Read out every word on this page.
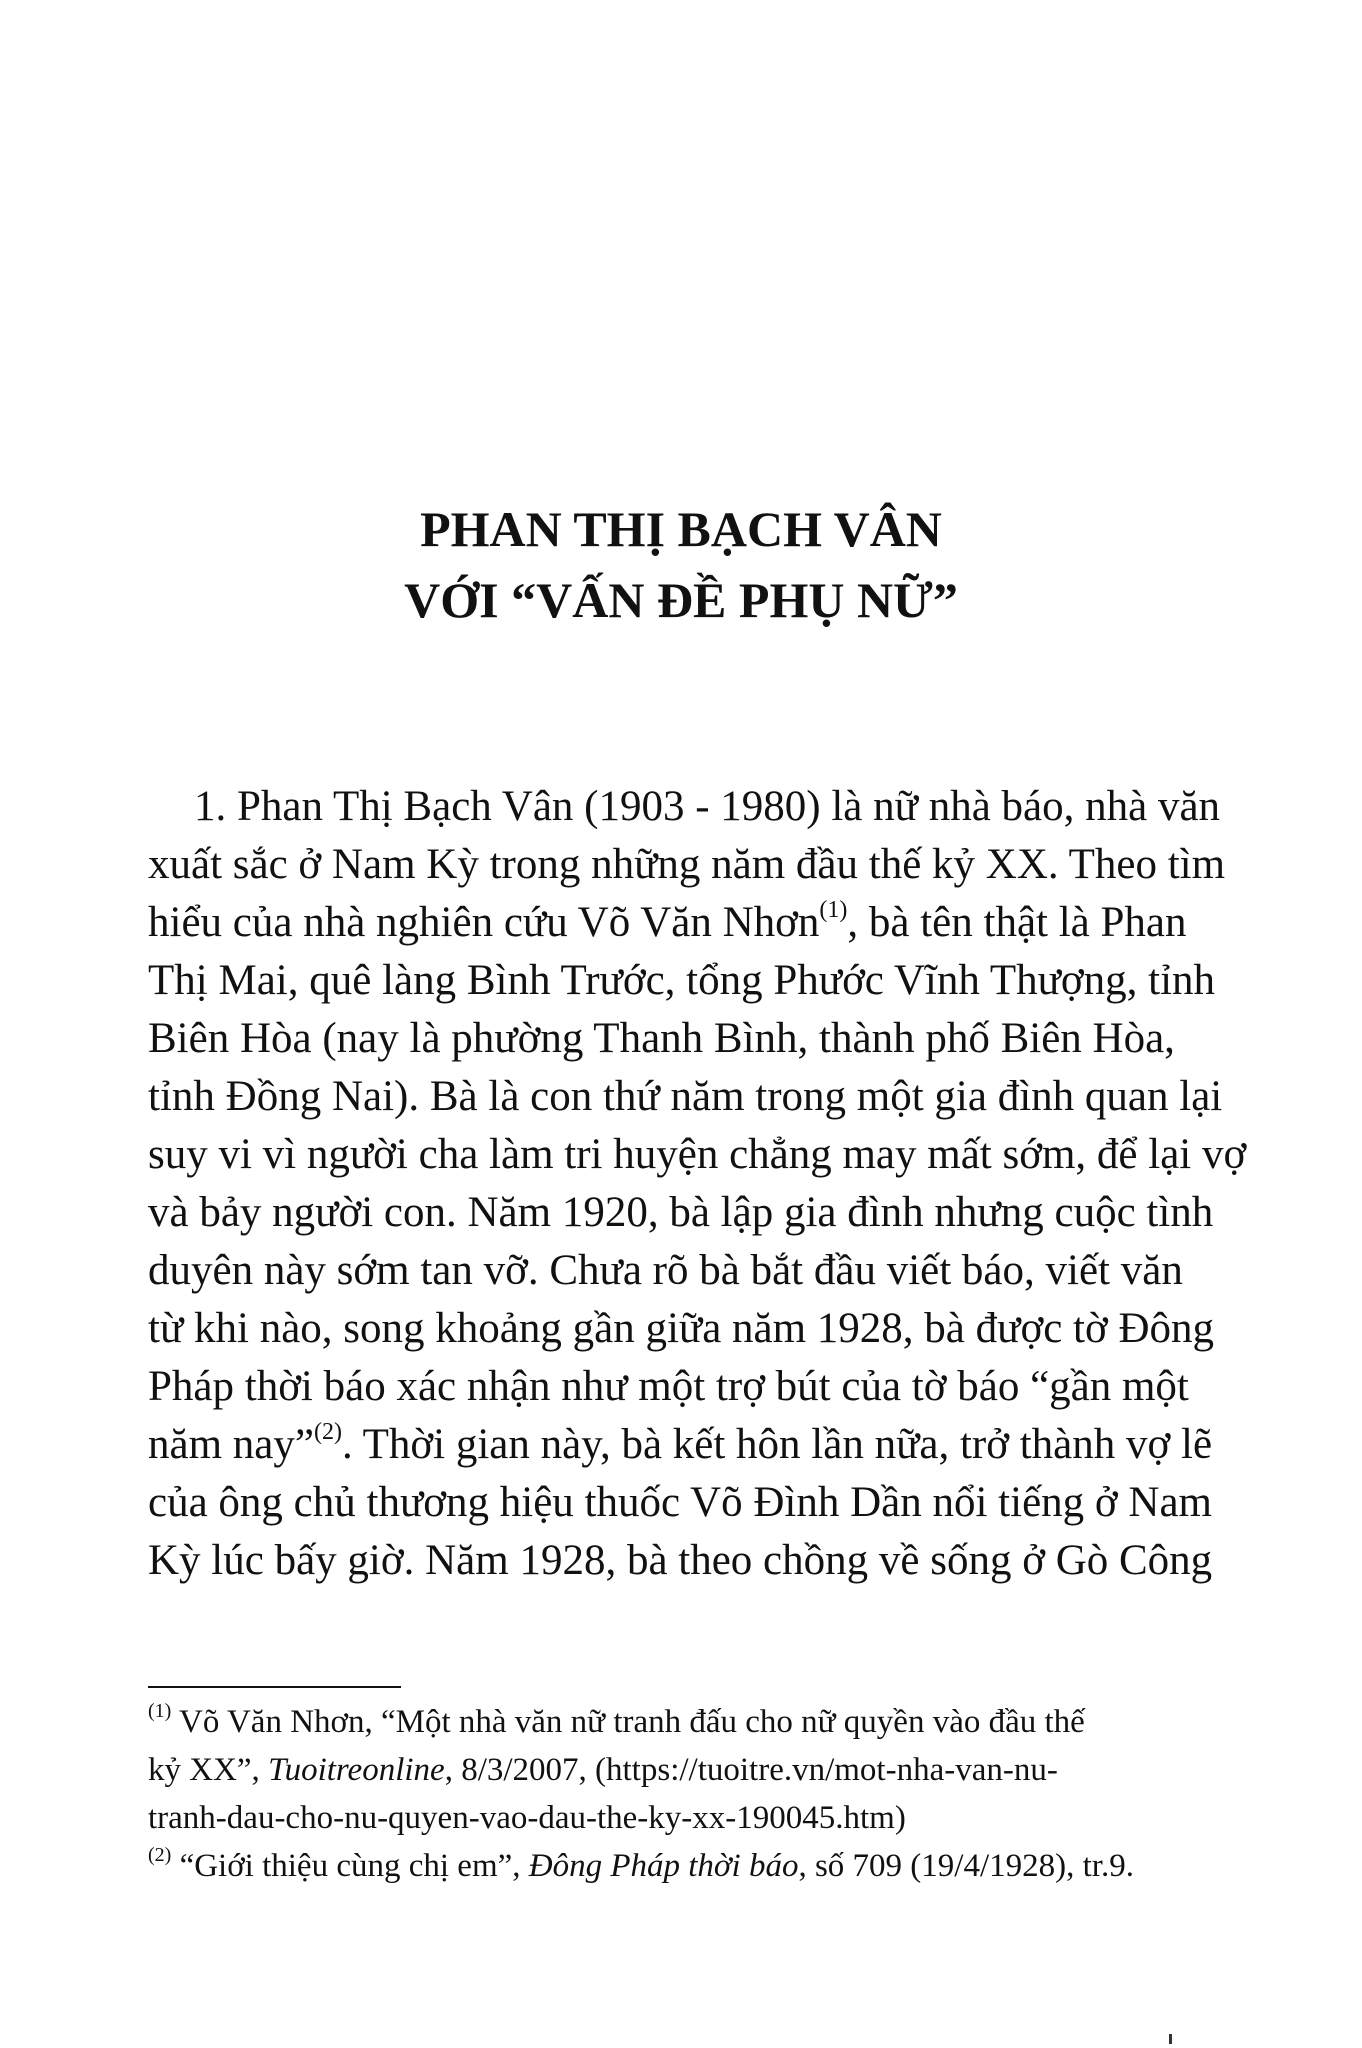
PHAN THỊ BẠCH VÂN
VỚI “VẤN ĐỀ PHỤ NỮ”
1. Phan Thị Bạch Vân (1903 - 1980) là nữ nhà báo, nhà văn
xuất sắc ở Nam Kỳ trong những năm đầu thế kỷ XX. Theo tìm
hiểu của nhà nghiên cứu Võ Văn Nhơn$^{(1)}$, bà tên thật là Phan
Thị Mai, quê làng Bình Trước, tổng Phước Vĩnh Thượng, tỉnh
Biên Hòa (nay là phường Thanh Bình, thành phố Biên Hòa,
tỉnh Đồng Nai). Bà là con thứ năm trong một gia đình quan lại
suy vi vì người cha làm tri huyện chẳng may mất sớm, để lại vợ
và bảy người con. Năm 1920, bà lập gia đình nhưng cuộc tình
duyên này sớm tan vỡ. Chưa rõ bà bắt đầu viết báo, viết văn
từ khi nào, song khoảng gần giữa năm 1928, bà được tờ Đông
Pháp thời báo xác nhận như một trợ bút của tờ báo “gần một
năm nay”$^{(2)}$. Thời gian này, bà kết hôn lần nữa, trở thành vợ lẽ
của ông chủ thương hiệu thuốc Võ Đình Dần nổi tiếng ở Nam
Kỳ lúc bấy giờ. Năm 1928, bà theo chồng về sống ở Gò Công
$^{(1)}$ Võ Văn Nhơn, “Một nhà văn nữ tranh đấu cho nữ quyền vào đầu thế
kỷ XX”, Tuoitreonline, 8/3/2007, (https://tuoitre.vn/mot-nha-van-nu-
tranh-dau-cho-nu-quyen-vao-dau-the-ky-xx-190045.htm)
$^{(2)}$ “Giới thiệu cùng chị em”, Đông Pháp thời báo, số 709 (19/4/1928), tr.9.
